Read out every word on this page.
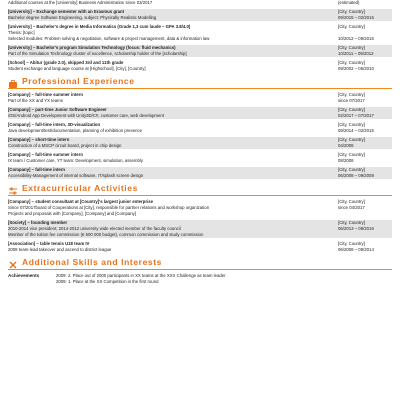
Additional courses at the [University] Business Administration since 03/2017	(estimated)
[University] – Exchange semester with an Erasmus grant
Bachelor degree Software Engineering, subject: Physically Realistic Modelling
[City, Country]
09/2015 – 02/2016
[University] – Bachelor's degree in Media Informatics (Grade 1,3 cum laude – GPA 3.8/4.0)
Thesis: [topic]
Selected modules: Problem solving & negotiation, software & project management, data & information law
[City, Country]

10/2012 – 09/2016
[University] – Bachelor's program Simulation Technology (focus: fluid mechanics)
Part of the Simulation Technology cluster of excellence, scholarship holder of the [scholarship]
[City, Country]
10/2011 – 09/2012
[School] – Abitur (grade 2.0), skipped 3rd and 11th grade
Student exchange and language course at [Highschool], [City], [Country]
[City, Country]
09/2002 – 05/2010
Professional Experience
[Company] – full-time summer intern
Part of the XX and YX teams
[City, Country]
since 07/2017
[Company] – part-time Junior Software Engineer
iOS/Android App Development with Unity3D/C#, customer care, web development
[City, Country]
02/2017 – 07/2017
[Company] – full-time intern, 3D-visualization
Java development/test/documentation, planning of exhibition presence
[City, Country]
09/2014 – 02/2015
[Company] – short-time intern
Construction of a MSCP circuit board, project in chip design
[City, Country]
04/2008
[Company] – full-time summer intern
IX team / Customer care, YT team: Development, simulation, assembly
[City, Country]
08/2008
[Company] – full-time intern
Accessibility-Management of internal software, IT/splash screen design
[City, Country]
06/2008 – 09/2008
Extracurricular Activities
[Company] – student consultant at [Country]'s largest junior enterprise
Since 07/2017board of Cooperations at [City], responsible for partner relations and workshop organization
Projects and proposals with [Company], [Company] and [Company]
[City, Country]
since 04/2017
[Society] – founding member
2010-2014 vice president; 2014-2012 university wide elected member of the faculty council
Member of the tuition fee commission (€ 500 000 budget), common commission and study commission
[City, Country]
06/2013 – 09/2016
[Association] – table tennis U18 team IV
2008 team-lead takeover and ascend to district league
[City, Country]
06/2008 – 09/2014
Additional Skills and Interests
Achievements	2009: 2. Place out of 2000 participants in XX teams at the XXX Challenge as team leader
2009: 1. Place at the XX Competition in the first round
